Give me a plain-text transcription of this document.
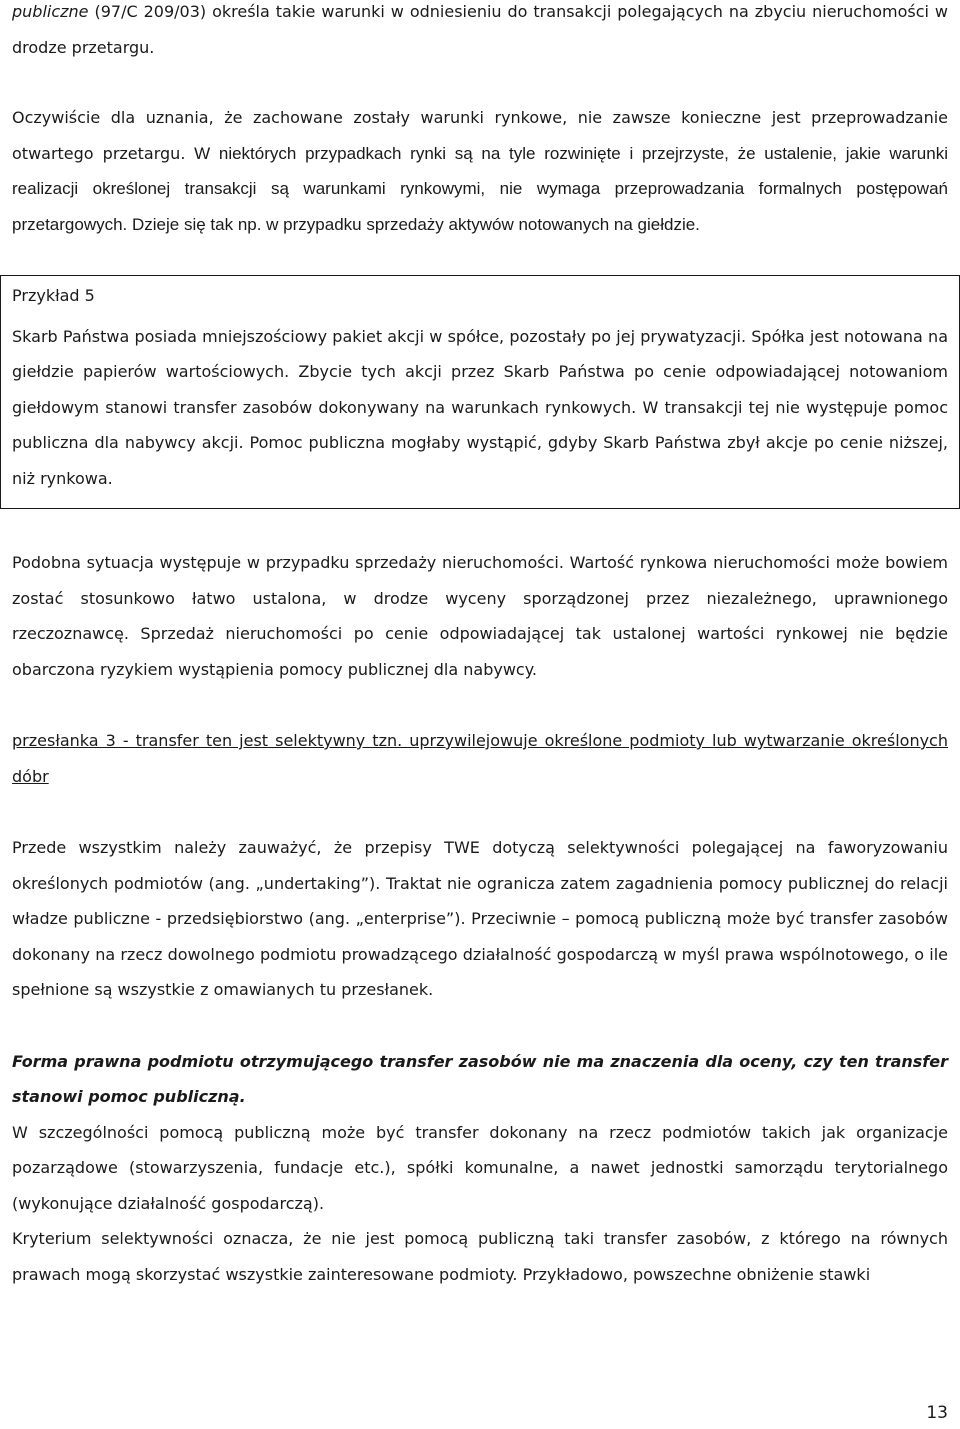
publiczne (97/C 209/03) określa takie warunki w odniesieniu do transakcji polegających na zbyciu nieruchomości w drodze przetargu.

Oczywiście dla uznania, że zachowane zostały warunki rynkowe, nie zawsze konieczne jest przeprowadzanie otwartego przetargu. W niektórych przypadkach rynki są na tyle rozwinięte i przejrzyste, że ustalenie, jakie warunki realizacji określonej transakcji są warunkami rynkowymi, nie wymaga przeprowadzania formalnych postępowań przetargowych. Dzieje się tak np. w przypadku sprzedaży aktywów notowanych na giełdzie.

Przykład 5

Skarb Państwa posiada mniejszościowy pakiet akcji w spółce, pozostały po jej prywatyzacji. Spółka jest notowana na giełdzie papierów wartościowych. Zbycie tych akcji przez Skarb Państwa po cenie odpowiadającej notowaniom giełdowym stanowi transfer zasobów dokonywany na warunkach rynkowych. W transakcji tej nie występuje pomoc publiczna dla nabywcy akcji. Pomoc publiczna mogłaby wystąpić, gdyby Skarb Państwa zbył akcje po cenie niższej, niż rynkowa.

Podobna sytuacja występuje w przypadku sprzedaży nieruchomości. Wartość rynkowa nieruchomości może bowiem zostać stosunkowo łatwo ustalona, w drodze wyceny sporządzonej przez niezależnego, uprawnionego rzeczoznawcę. Sprzedaż nieruchomości po cenie odpowiadającej tak ustalonej wartości rynkowej nie będzie obarczona ryzykiem wystąpienia pomocy publicznej dla nabywcy.

przesłanka 3 - transfer ten jest selektywny tzn. uprzywilejowuje określone podmioty lub wytwarzanie określonych dóbr

Przede wszystkim należy zauważyć, że przepisy TWE dotyczą selektywności polegającej na faworyzowaniu określonych podmiotów (ang. „undertaking”). Traktat nie ogranicza zatem zagadnienia pomocy publicznej do relacji władze publiczne - przedsiębiorstwo (ang. „enterprise”). Przeciwnie – pomocą publiczną może być transfer zasobów dokonany na rzecz dowolnego podmiotu prowadzącego działalność gospodarczą w myśl prawa wspólnotowego, o ile spełnione są wszystkie z omawianych tu przesłanek.

Forma prawna podmiotu otrzymującego transfer zasobów nie ma znaczenia dla oceny, czy ten transfer stanowi pomoc publiczną.

W szczególności pomocą publiczną może być transfer dokonany na rzecz podmiotów takich jak organizacje pozarządowe (stowarzyszenia, fundacje etc.), spółki komunalne, a nawet jednostki samorządu terytorialnego (wykonujące działalność gospodarczą).

Kryterium selektywności oznacza, że nie jest pomocą publiczną taki transfer zasobów, z którego na równych prawach mogą skorzystać wszystkie zainteresowane podmioty. Przykładowo, powszechne obniżenie stawki

13
